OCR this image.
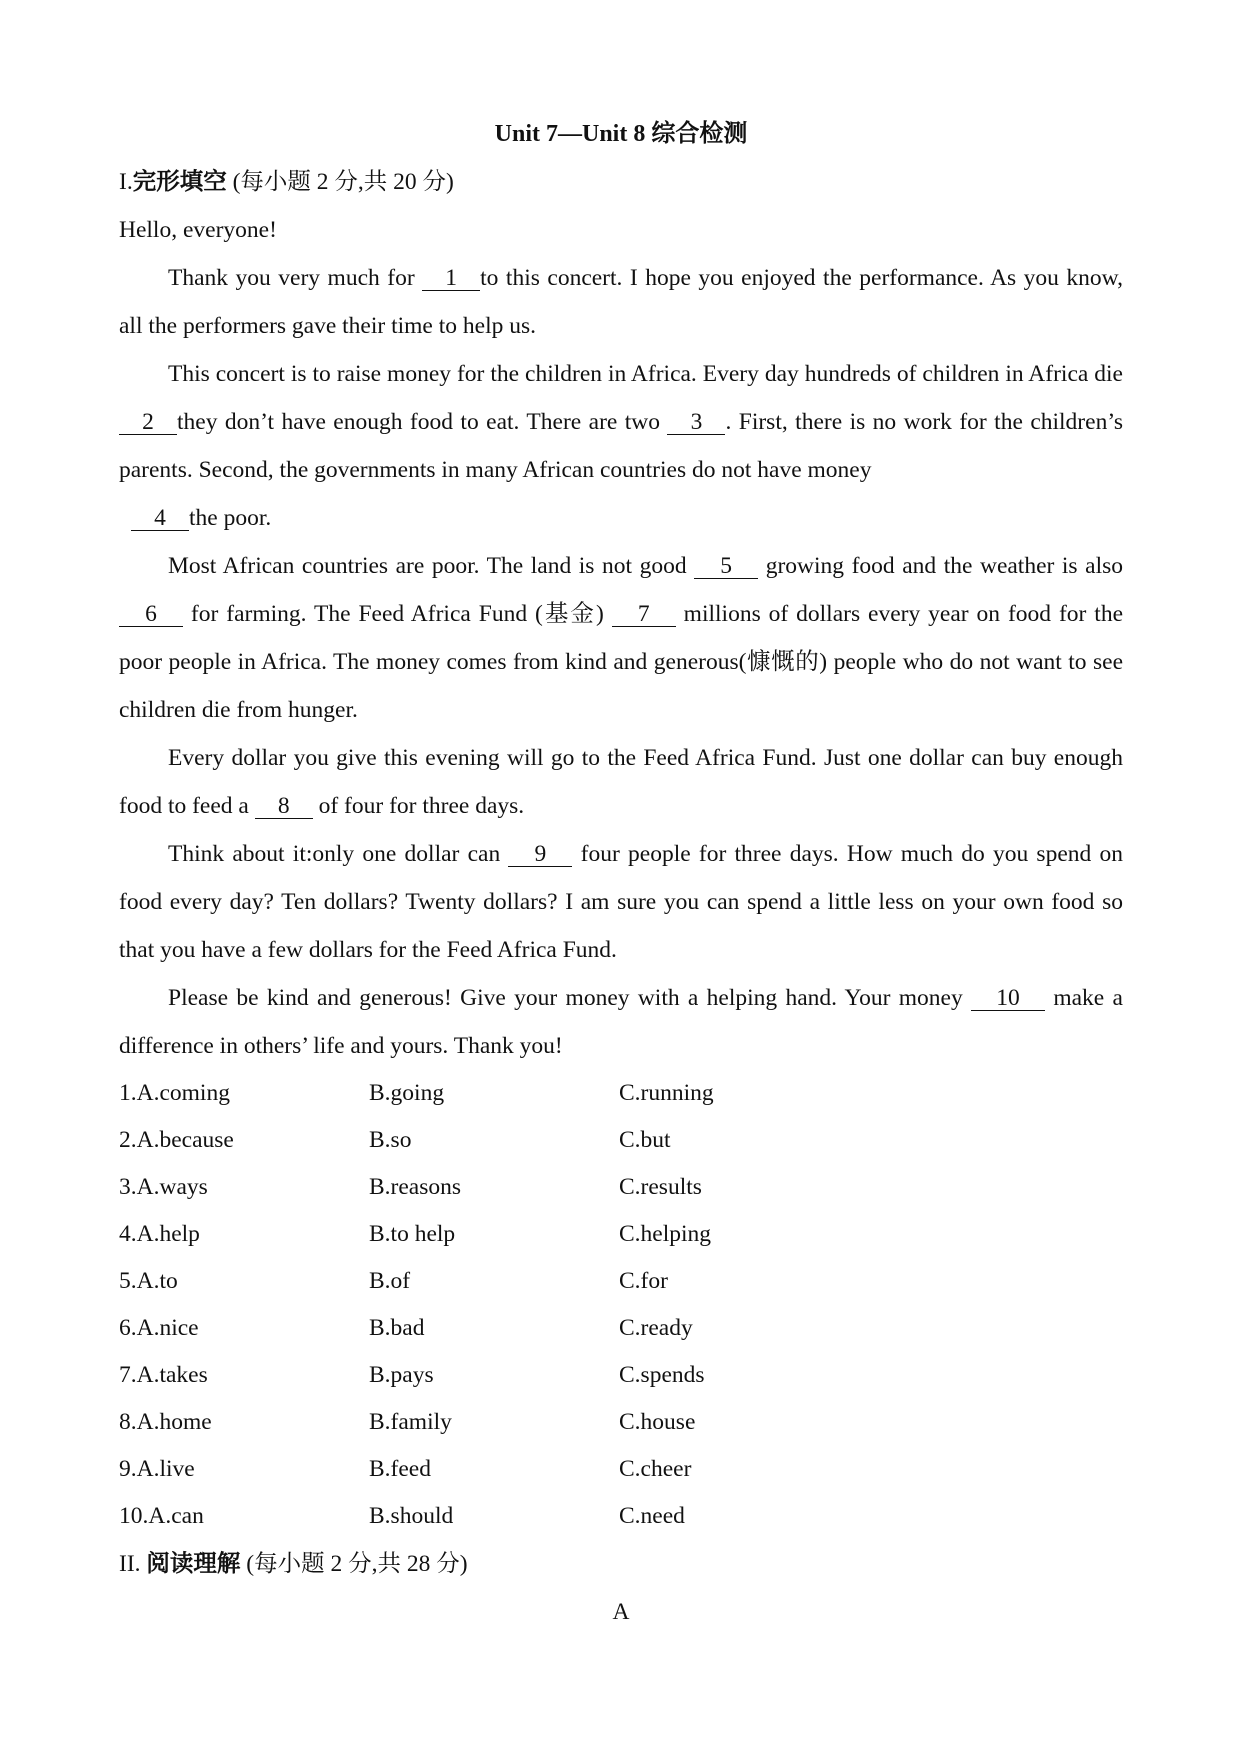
Unit 7—Unit 8 综合检测
I.完形填空 (每小题 2 分,共 20 分)

Hello, everyone!

Thank you very much for 1 to this concert. I hope you enjoyed the performance. As you know, all the performers gave their time to help us.

This concert is to raise money for the children in Africa. Every day hundreds of children in Africa die2 they don’t have enough food to eat. There are two 3 . First, there is no work for the children’s parents. Second, the governments in many African countries do not have money

4 the poor.

Most African countries are poor. The land is not good 5 growing food and the weather is also 6 for farming. The Feed Africa Fund (基金) 7 millions of dollars every year on food for the poor people in Africa. The money comes from kind and generous(慷慨的) people who do not want to see children die from hunger.

Every dollar you give this evening will go to the Feed Africa Fund. Just one dollar can buy enough food to feed a 8 of four for three days.

Think about it:only one dollar can 9 four people for three days. How much do you spend on food every day? Ten dollars? Twenty dollars? I am sure you can spend a little less on your own food so that you have a few dollars for the Feed Africa Fund.

Please be kind and generous! Give your money with a helping hand. Your money 10 make a difference in others’ life and yours. Thank you!

1.A.coming	B.going	C.running
2.A.because	B.so	C.but
3.A.ways	B.reasons	C.results
4.A.help	B.to help	C.helping
5.A.to	B.of	C.for
6.A.nice	B.bad	C.ready
7.A.takes	B.pays	C.spends
8.A.home	B.family	C.house
9.A.live	B.feed	C.cheer
10.A.can	B.should	C.need
II. 阅读理解 (每小题 2 分,共 28 分)
A
